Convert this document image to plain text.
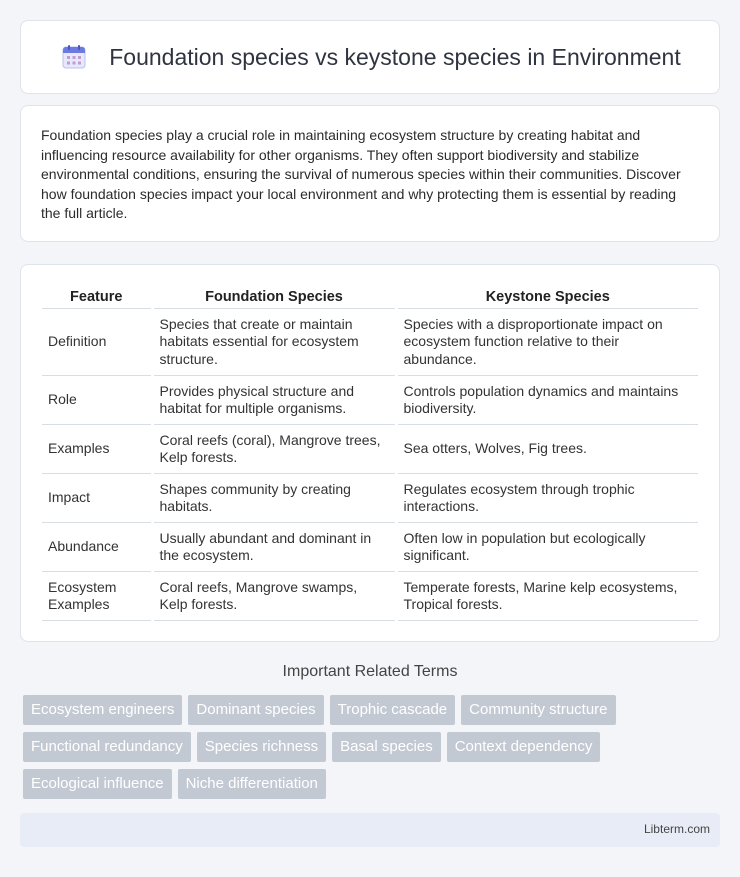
Foundation species vs keystone species in Environment

Foundation species play a crucial role in maintaining ecosystem structure by creating habitat and influencing resource availability for other organisms. They often support biodiversity and stabilize environmental conditions, ensuring the survival of numerous species within their communities. Discover how foundation species impact your local environment and why protecting them is essential by reading the full article.

Feature	Foundation Species	Keystone Species
Definition	Species that create or maintain habitats essential for ecosystem structure.	Species with a disproportionate impact on ecosystem function relative to their abundance.
Role	Provides physical structure and habitat for multiple organisms.	Controls population dynamics and maintains biodiversity.
Examples	Coral reefs (coral), Mangrove trees, Kelp forests.	Sea otters, Wolves, Fig trees.
Impact	Shapes community by creating habitats.	Regulates ecosystem through trophic interactions.
Abundance	Usually abundant and dominant in the ecosystem.	Often low in population but ecologically significant.
Ecosystem Examples	Coral reefs, Mangrove swamps, Kelp forests.	Temperate forests, Marine kelp ecosystems, Tropical forests.
Important Related Terms
Ecosystem engineers	Dominant species	Trophic cascade	Community structure
Functional redundancy	Species richness	Basal species	Context dependency
Ecological influence	Niche differentiation
Libterm.com
